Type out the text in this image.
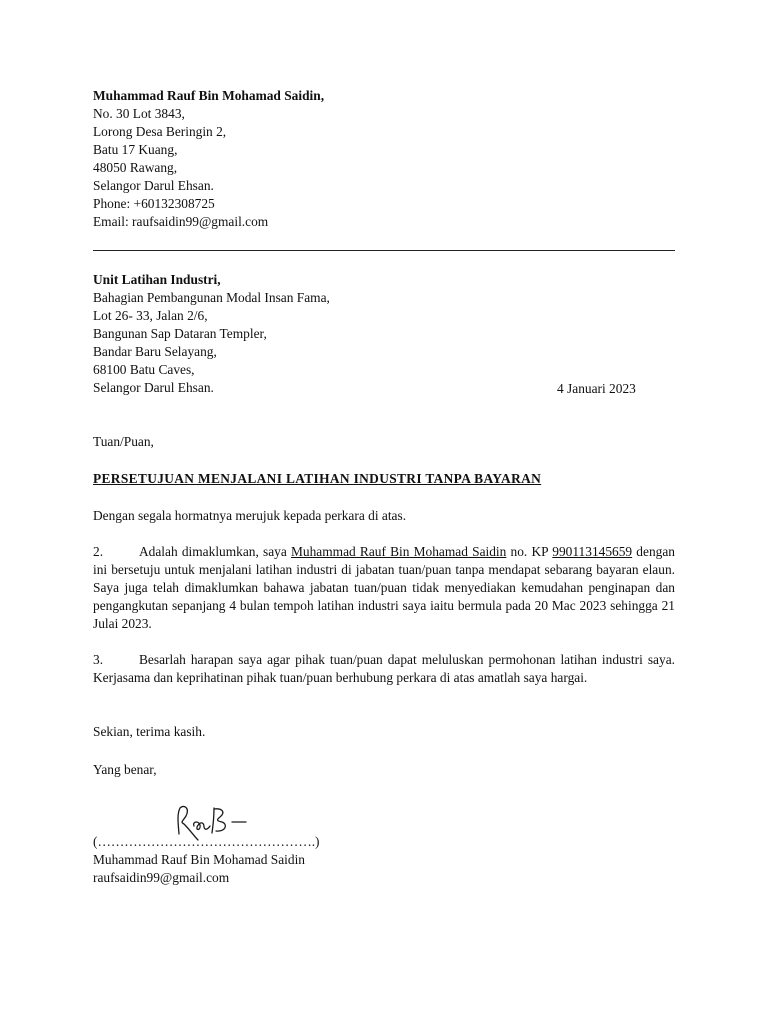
Muhammad Rauf Bin Mohamad Saidin,
No. 30 Lot 3843,
Lorong Desa Beringin 2,
Batu 17 Kuang,
48050 Rawang,
Selangor Darul Ehsan.
Phone: +60132308725
Email: raufsaidin99@gmail.com
Unit Latihan Industri,
Bahagian Pembangunan Modal Insan Fama,
Lot 26- 33, Jalan 2/6,
Bangunan Sap Dataran Templer,
Bandar Baru Selayang,
68100 Batu Caves,
Selangor Darul Ehsan.	4 Januari 2023
Tuan/Puan,
PERSETUJUAN MENJALANI LATIHAN INDUSTRI TANPA BAYARAN
Dengan segala hormatnya merujuk kepada perkara di atas.
2.	Adalah dimaklumkan, saya Muhammad Rauf Bin Mohamad Saidin no. KP 990113145659 dengan ini bersetuju untuk menjalani latihan industri di jabatan tuan/puan tanpa mendapat sebarang bayaran elaun. Saya juga telah dimaklumkan bahawa jabatan tuan/puan tidak menyediakan kemudahan penginapan dan pengangkutan sepanjang 4 bulan tempoh latihan industri saya iaitu bermula pada 20 Mac 2023 sehingga 21 Julai 2023.
3.	Besarlah harapan saya agar pihak tuan/puan dapat meluluskan permohonan latihan industri saya. Kerjasama dan keprihatinan pihak tuan/puan berhubung perkara di atas amatlah saya hargai.
Sekian, terima kasih.
Yang benar,
(………………………………………….)
Muhammad Rauf Bin Mohamad Saidin
raufsaidin99@gmail.com
